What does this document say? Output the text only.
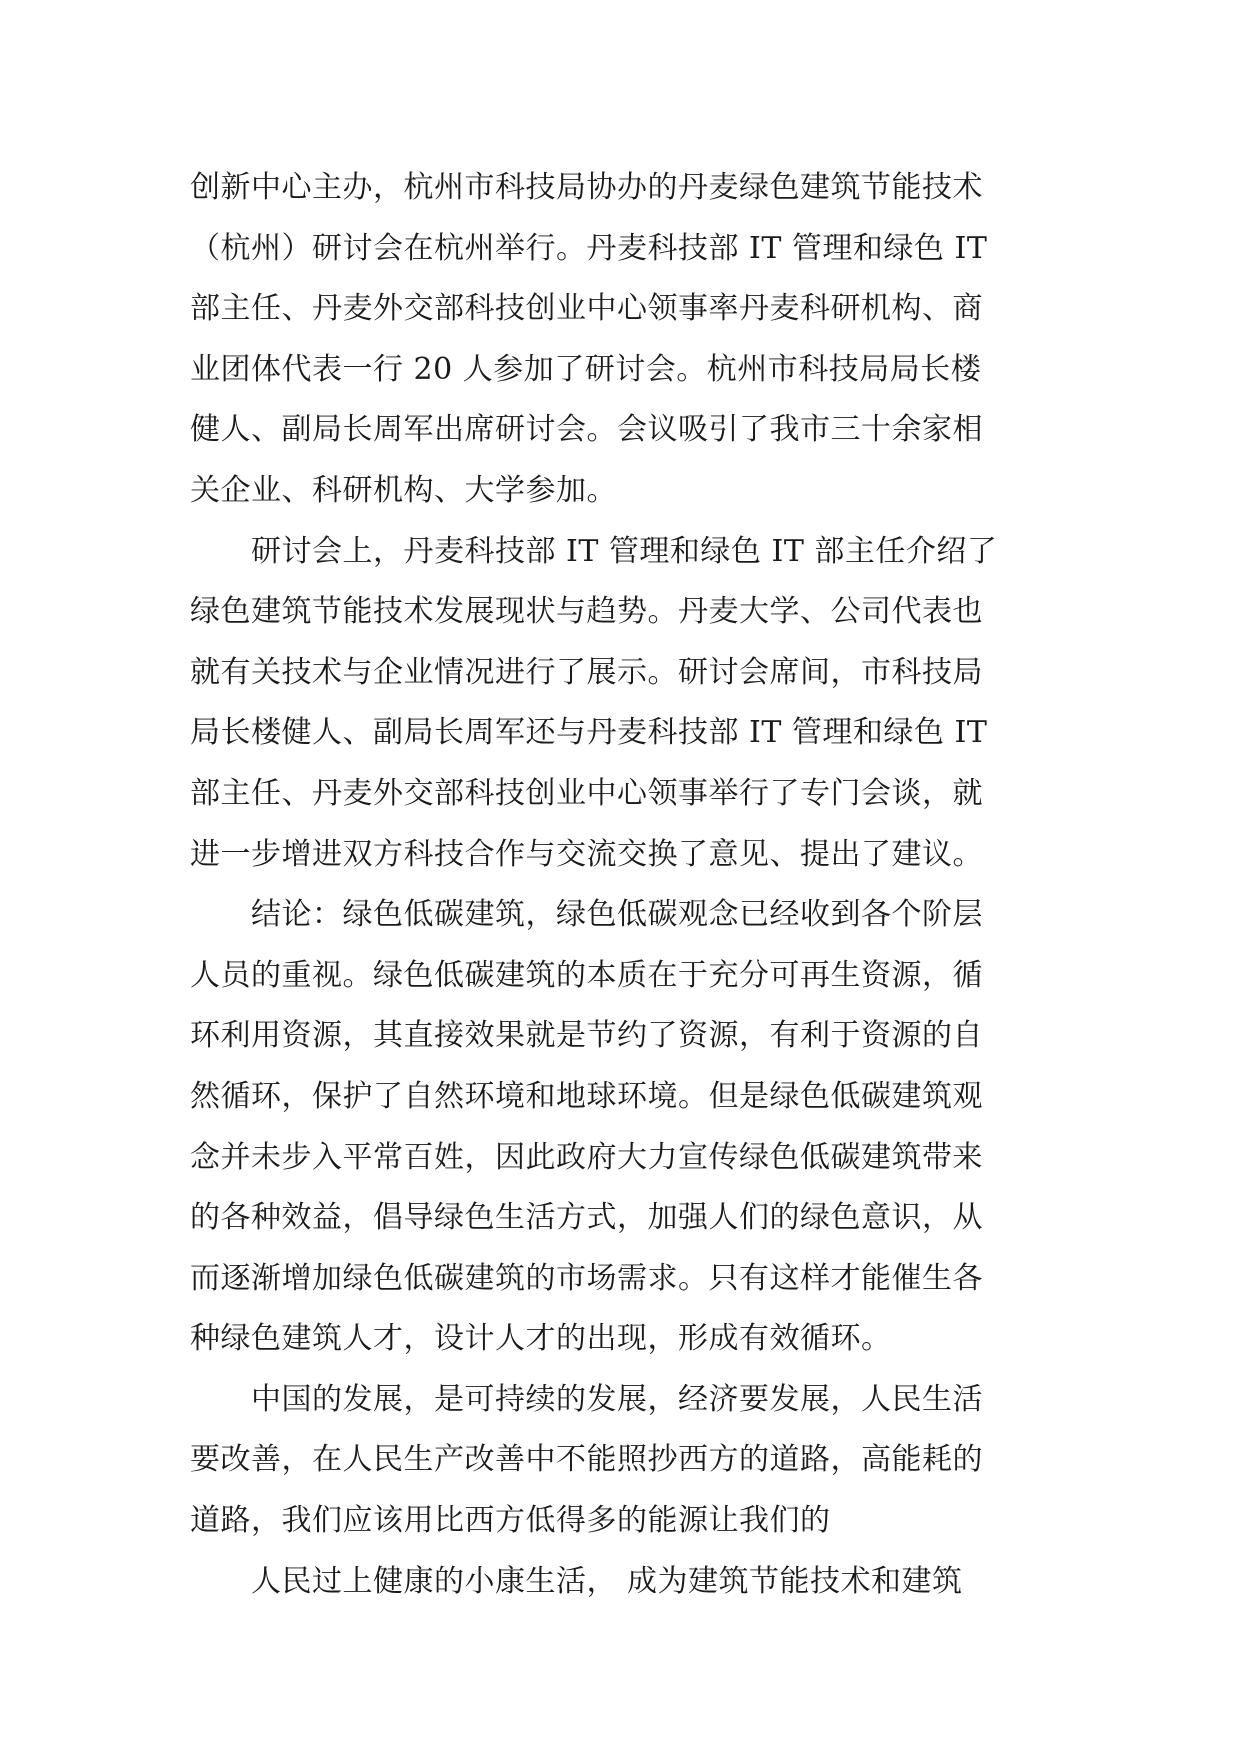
创新中心主办，杭州市科技局协办的丹麦绿色建筑节能技术
（杭州）研讨会在杭州举行。丹麦科技部 IT 管理和绿色 IT
部主任、丹麦外交部科技创业中心领事率丹麦科研机构、商
业团体代表一行 20 人参加了研讨会。杭州市科技局局长楼
健人、副局长周军出席研讨会。会议吸引了我市三十余家相
关企业、科研机构、大学参加。
　　研讨会上，丹麦科技部 IT 管理和绿色 IT 部主任介绍了
绿色建筑节能技术发展现状与趋势。丹麦大学、公司代表也
就有关技术与企业情况进行了展示。研讨会席间，市科技局
局长楼健人、副局长周军还与丹麦科技部 IT 管理和绿色 IT
部主任、丹麦外交部科技创业中心领事举行了专门会谈，就
进一步增进双方科技合作与交流交换了意见、提出了建议。
　　结论：绿色低碳建筑，绿色低碳观念已经收到各个阶层
人员的重视。绿色低碳建筑的本质在于充分可再生资源，循
环利用资源，其直接效果就是节约了资源，有利于资源的自
然循环，保护了自然环境和地球环境。但是绿色低碳建筑观
念并未步入平常百姓，因此政府大力宣传绿色低碳建筑带来
的各种效益，倡导绿色生活方式，加强人们的绿色意识，从
而逐渐增加绿色低碳建筑的市场需求。只有这样才能催生各
种绿色建筑人才，设计人才的出现，形成有效循环。
　　中国的发展，是可持续的发展，经济要发展，人民生活
要改善，在人民生产改善中不能照抄西方的道路，高能耗的
道路，我们应该用比西方低得多的能源让我们的
　　人民过上健康的小康生活， 成为建筑节能技术和建筑
